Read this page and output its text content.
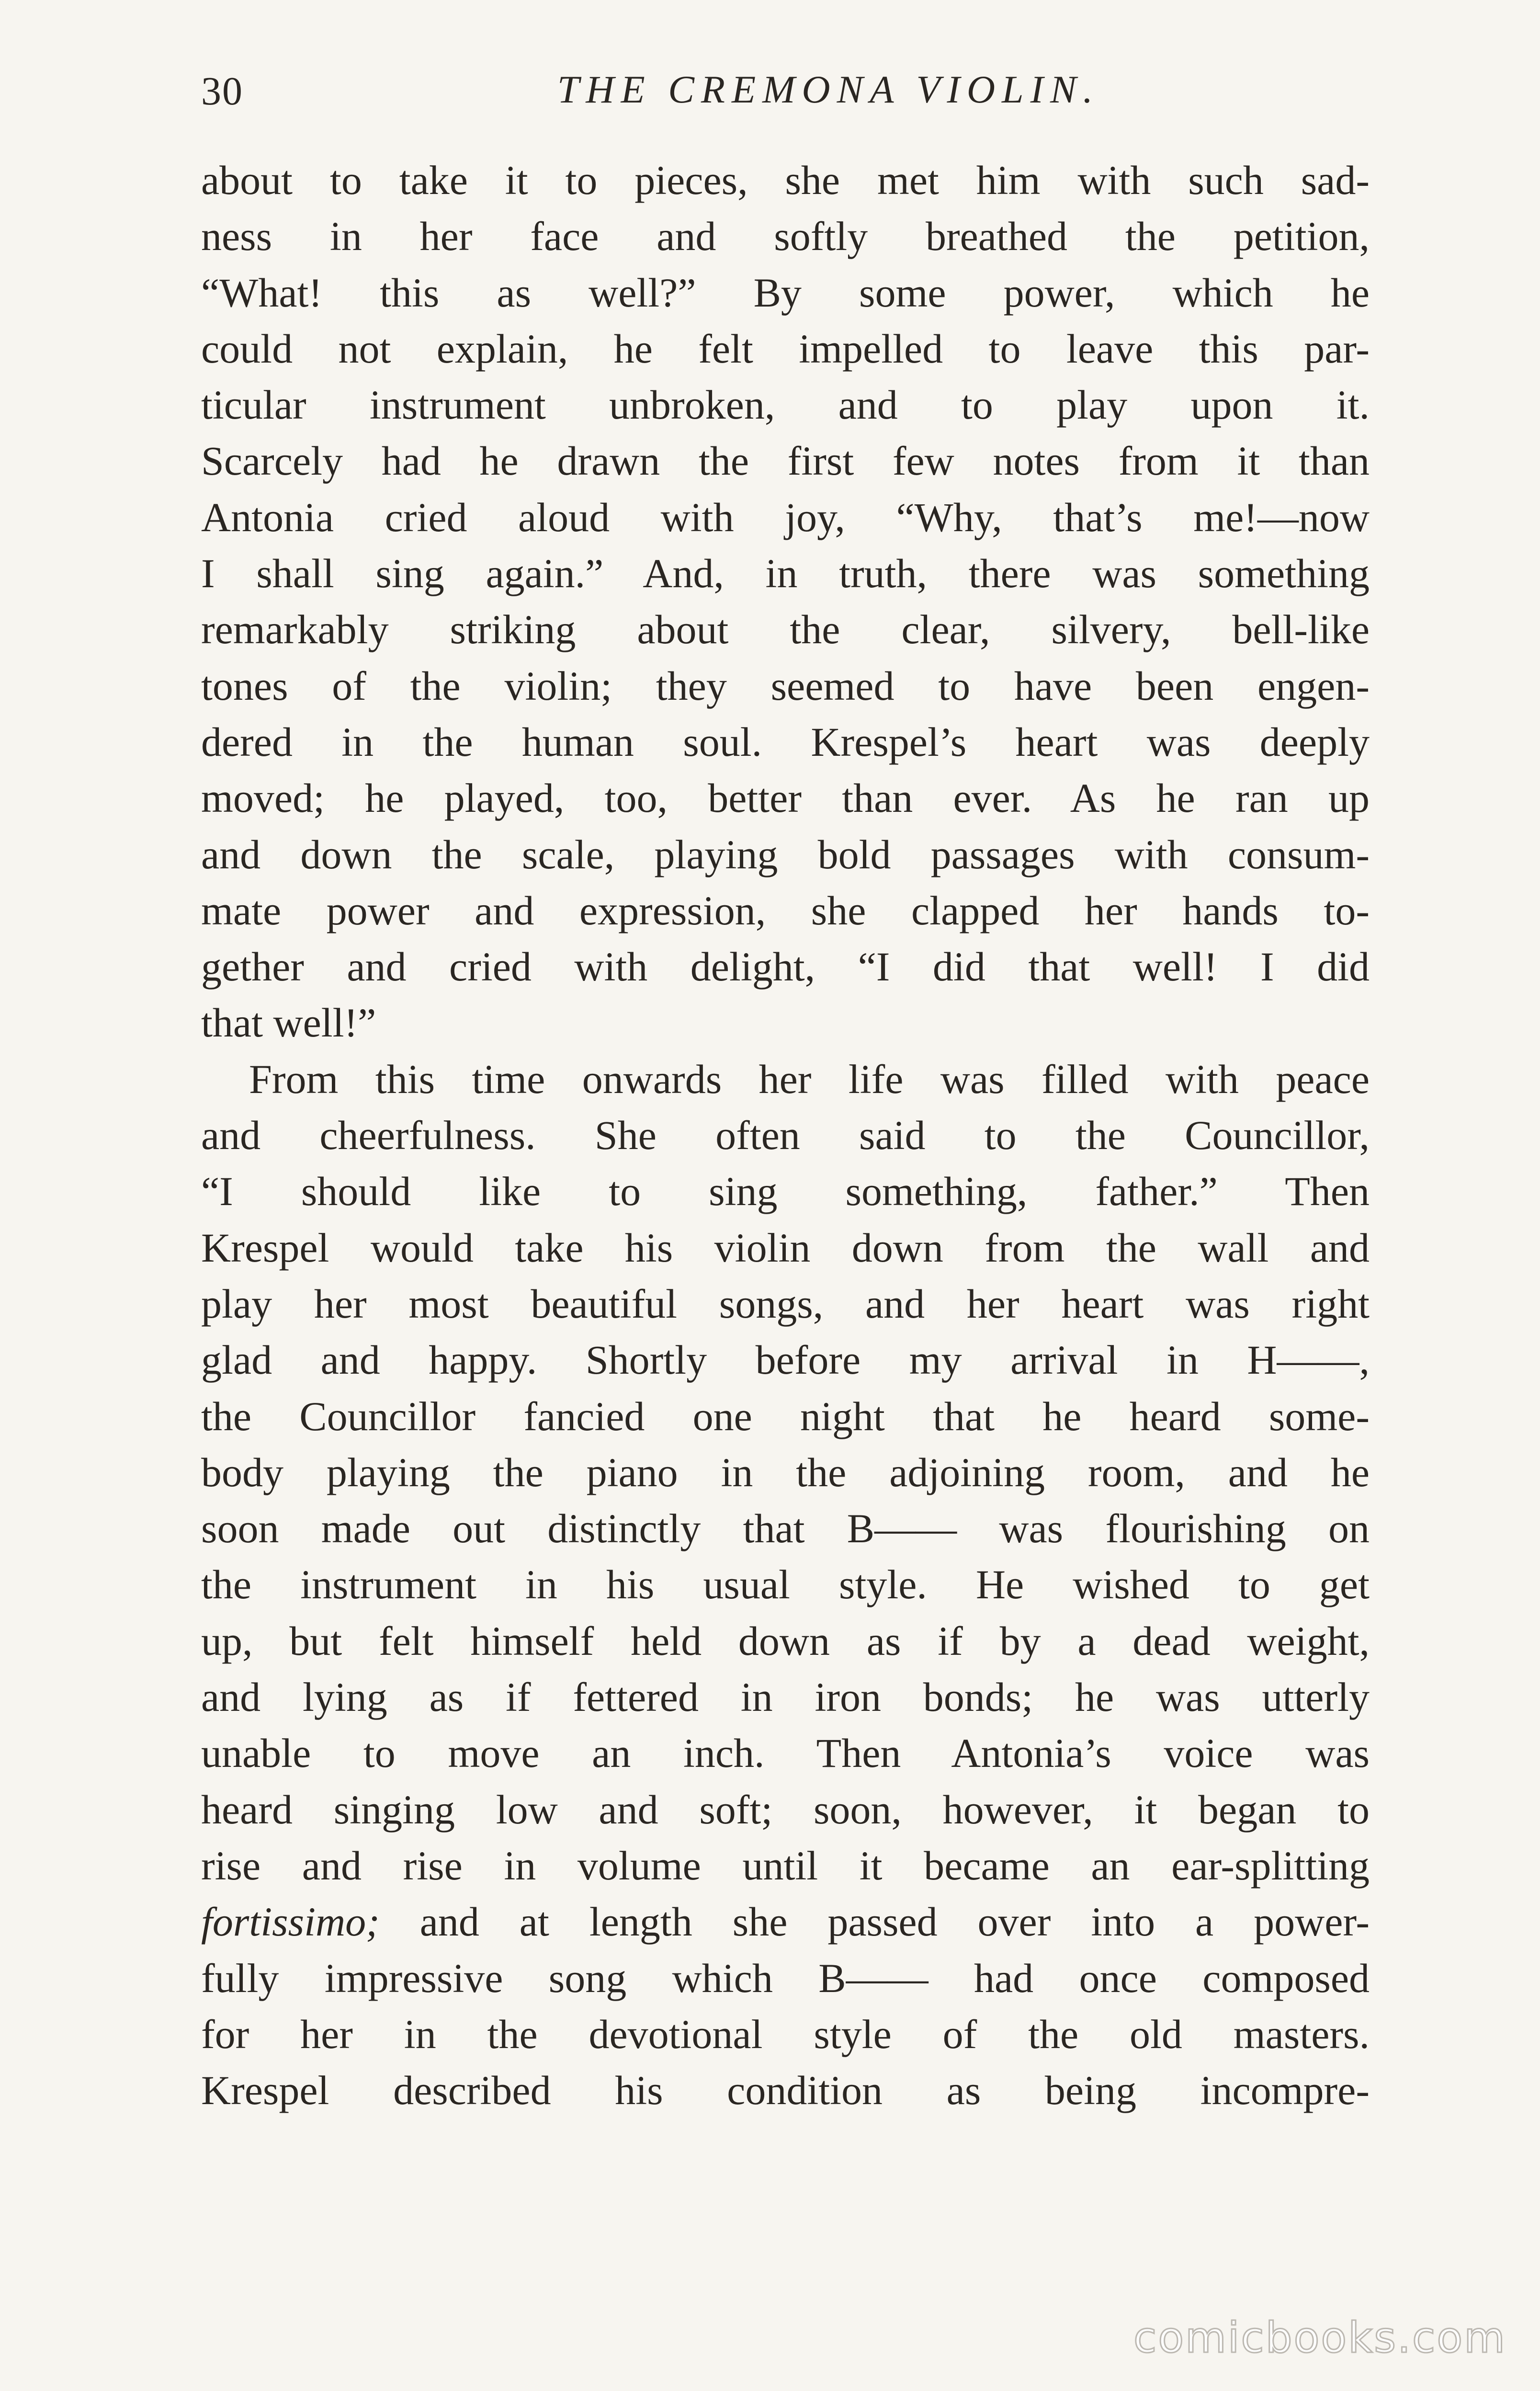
30	THE CREMONA VIOLIN.
about to take it to pieces, she met him with such sad-
ness in her face and softly breathed the petition,
“What! this as well?” By some power, which he
could not explain, he felt impelled to leave this par-
ticular instrument unbroken, and to play upon it.
Scarcely had he drawn the first few notes from it than
Antonia cried aloud with joy, “Why, that’s me!—now
I shall sing again.” And, in truth, there was something
remarkably striking about the clear, silvery, bell-like
tones of the violin; they seemed to have been engen-
dered in the human soul. Krespel’s heart was deeply
moved; he played, too, better than ever. As he ran up
and down the scale, playing bold passages with consum-
mate power and expression, she clapped her hands to-
gether and cried with delight, “I did that well! I did
that well!”
From this time onwards her life was filled with peace
and cheerfulness. She often said to the Councillor,
“I should like to sing something, father.” Then
Krespel would take his violin down from the wall and
play her most beautiful songs, and her heart was right
glad and happy. Shortly before my arrival in H——,
the Councillor fancied one night that he heard some-
body playing the piano in the adjoining room, and he
soon made out distinctly that B—— was flourishing on
the instrument in his usual style. He wished to get
up, but felt himself held down as if by a dead weight,
and lying as if fettered in iron bonds; he was utterly
unable to move an inch. Then Antonia’s voice was
heard singing low and soft; soon, however, it began to
rise and rise in volume until it became an ear-splitting
fortissimo; and at length she passed over into a power-
fully impressive song which B—— had once composed
for her in the devotional style of the old masters.
Krespel described his condition as being incompre-
comicbooks.com
